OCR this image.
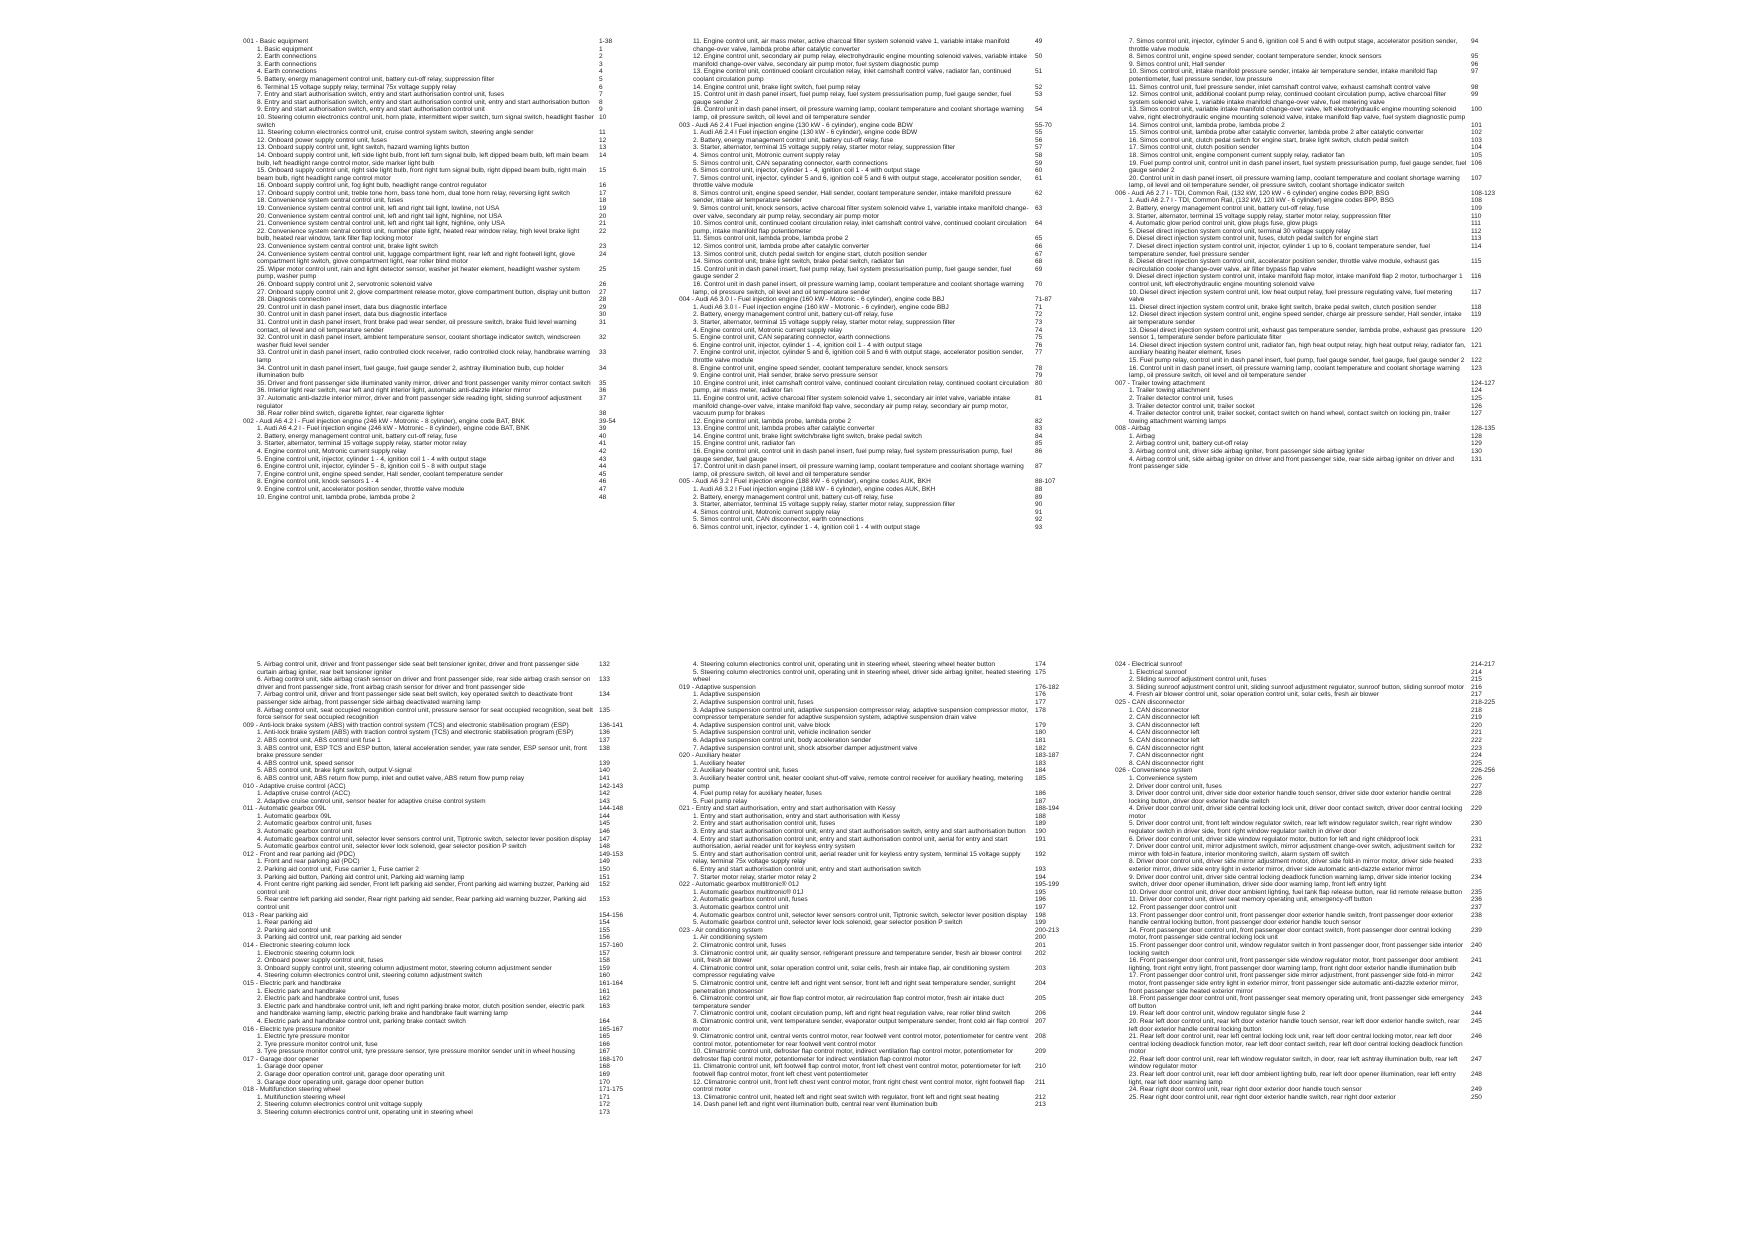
001 - Basic equipment	1-38
1. Basic equipment	1
2. Earth connections	2
3. Earth connections	3
4. Earth connections	4
5. Battery, energy management control unit, battery cut-off relay, suppression filter	5
6. Terminal 15 voltage supply relay, terminal 75x voltage supply relay	6
7. Entry and start authorisation switch, entry and start authorisation control unit, fuses	7
8. Entry and start authorisation switch, entry and start authorisation control unit, entry and start authorisation button	8
9. Entry and start authorisation switch, entry and start authorisation control unit	9
10. Steering column electronics control unit, horn plate, intermittent wiper switch, turn signal switch, headlight flasher switch
10
11. Steering column electronics control unit, cruise control system switch, steering angle sender	11
12. Onboard power supply control unit, fuses	12
13. Onboard supply control unit, light switch, hazard warning lights button	13
14. Onboard supply control unit, left side light bulb, front left turn signal bulb, left dipped beam bulb, left main beam bulb, left headlight range control motor, side marker light bulb
14
15. Onboard supply control unit, right side light bulb, front right turn signal bulb, right dipped beam bulb, right main beam bulb, right headlight range control motor
15
16. Onboard supply control unit, fog light bulb, headlight range control regulator	16
17. Onboard supply control unit, treble tone horn, bass tone horn, dual tone horn relay, reversing light switch	17
18. Convenience system central control unit, fuses	18
19. Convenience system central control unit, left and right tail light, lowline, not USA	19
20. Convenience system central control unit, left and right tail light, highline, not USA	20
21. Convenience system central control unit, left and right tail light, highline, only USA	21
22. Convenience system central control unit, number plate light, heated rear window relay, high level brake light bulb, heated rear window, tank filler flap locking motor
22
23. Convenience system central control unit, brake light switch	23
24. Convenience system central control unit, luggage compartment light, rear left and right footwell light, glove compartment light switch, glove compartment light, rear roller blind motor
24
25. Wiper motor control unit, rain and light detector sensor, washer jet heater element, headlight washer system pump, washer pump
25
26. Onboard supply control unit 2, servotronic solenoid valve	26
27. Onboard supply control unit 2, glove compartment release motor, glove compartment button, display unit button	27
28. Diagnosis connection	28
29. Control unit in dash panel insert, data bus diagnostic interface	29
30. Control unit in dash panel insert, data bus diagnostic interface	30
31. Control unit in dash panel insert, front brake pad wear sender, oil pressure switch, brake fluid level warning contact, oil level and oil temperature sender
31
32. Control unit in dash panel insert, ambient temperature sensor, coolant shortage indicator switch, windscreen washer fluid level sender
32
33. Control unit in dash panel insert, radio controlled clock receiver, radio controlled clock relay, handbrake warning lamp
33
34. Control unit in dash panel insert, fuel gauge, fuel gauge sender 2, ashtray illumination bulb, cup holder illumination bulb
34
35. Driver and front passenger side illuminated vanity mirror, driver and front passenger vanity mirror contact switch	35
36. Interior light rear switch, rear left and right interior light, automatic anti-dazzle interior mirror	36
37. Automatic anti-dazzle interior mirror, driver and front passenger side reading light, sliding sunroof adjustment regulator
37
38. Rear roller blind switch, cigarette lighter, rear cigarette lighter	38
002 - Audi A6 4.2 l - Fuel injection engine (246 kW - Motronic - 8 cylinder), engine code BAT, BNK	39-54
1. Audi A6 4.2 l - Fuel injection engine (246 kW - Motronic - 8 cylinder), engine code BAT, BNK	39
2. Battery, energy management control unit, battery cut-off relay, fuse	40
3. Starter, alternator, terminal 15 voltage supply relay, starter motor relay	41
4. Engine control unit, Motronic current supply relay	42
5. Engine control unit, injector, cylinder 1 - 4, ignition coil 1 - 4 with output stage	43
6. Engine control unit, injector, cylinder 5 - 8, ignition coil 5 - 8 with output stage	44
7. Engine control unit, engine speed sender, Hall sender, coolant temperature sender	45
8. Engine control unit, knock sensors 1 - 4	46
9. Engine control unit, accelerator position sender, throttle valve module	47
10. Engine control unit, lambda probe, lambda probe 2	48
11. Engine control unit, air mass meter, active charcoal filter system solenoid valve 1, variable intake manifold change-over valve, lambda probe after catalytic converter
49
12. Engine control unit, secondary air pump relay, electrohydraulic engine mounting solenoid valves, variable intake manifold change-over valve, secondary air pump motor, fuel system diagnostic pump
50
13. Engine control unit, continued coolant circulation relay, inlet camshaft control valve, radiator fan, continued coolant circulation pump
51
14. Engine control unit, brake light switch, fuel pump relay	52
15. Control unit in dash panel insert, fuel pump relay, fuel system pressurisation pump, fuel gauge sender, fuel gauge sender 2
53
16. Control unit in dash panel insert, oil pressure warning lamp, coolant temperature and coolant shortage warning lamp, oil pressure switch, oil level and oil temperature sender
54
003 - Audi A6 2.4 l Fuel injection engine (130 kW - 6 cylinder), engine code BDW	55-70
1. Audi A6 2.4 l Fuel injection engine (130 kW - 6 cylinder), engine code BDW	55
2. Battery, energy management control unit, battery cut-off relay, fuse	56
3. Starter, alternator, terminal 15 voltage supply relay, starter motor relay, suppression filter	57
4. Simos control unit, Motronic current supply relay	58
5. Simos control unit, CAN separating connector, earth connections	59
6. Simos control unit, injector, cylinder 1 - 4, ignition coil 1 - 4 with output stage	60
7. Simos control unit, injector, cylinder 5 and 6, ignition coil 5 and 6 with output stage, accelerator position sender, throttle valve module
61
8. Simos control unit, engine speed sender, Hall sender, coolant temperature sender, intake manifold pressure sender, intake air temperature sender
62
9. Simos control unit, knock sensors, active charcoal filter system solenoid valve 1, variable intake manifold change-over valve, secondary air pump relay, secondary air pump motor
63
10. Simos control unit, continued coolant circulation relay, inlet camshaft control valve, continued coolant circulation pump, intake manifold flap potentiometer
64
11. Simos control unit, lambda probe, lambda probe 2	65
12. Simos control unit, lambda probe after catalytic converter	66
13. Simos control unit, clutch pedal switch for engine start, clutch position sender	67
14. Simos control unit, brake light switch, brake pedal switch, radiator fan	68
15. Control unit in dash panel insert, fuel pump relay, fuel system pressurisation pump, fuel gauge sender, fuel gauge sender 2
69
16. Control unit in dash panel insert, oil pressure warning lamp, coolant temperature and coolant shortage warning lamp, oil pressure switch, oil level and oil temperature sender
70
004 - Audi A6 3.0 l - Fuel injection engine (160 kW - Motronic - 6 cylinder), engine code BBJ	71-87
1. Audi A6 3.0 l - Fuel injection engine (160 kW - Motronic - 6 cylinder), engine code BBJ	71
2. Battery, energy management control unit, battery cut-off relay, fuse	72
3. Starter, alternator, terminal 15 voltage supply relay, starter motor relay, suppression filter	73
4. Engine control unit, Motronic current supply relay	74
5. Engine control unit, CAN separating connector, earth connections	75
6. Engine control unit, injector, cylinder 1 - 4, ignition coil 1 - 4 with output stage	76
7. Engine control unit, injector, cylinder 5 and 6, ignition coil 5 and 6 with output stage, accelerator position sender, throttle valve module
77
8. Engine control unit, engine speed sender, coolant temperature sender, knock sensors	78
9. Engine control unit, Hall sender, brake servo pressure sensor	79
10. Engine control unit, inlet camshaft control valve, continued coolant circulation relay, continued coolant circulation pump, air mass meter, radiator fan
80
11. Engine control unit, active charcoal filter system solenoid valve 1, secondary air inlet valve, variable intake manifold change-over valve, intake manifold flap valve, secondary air pump relay, secondary air pump motor, vacuum pump for brakes
81
12. Engine control unit, lambda probe, lambda probe 2	82
13. Engine control unit, lambda probes after catalytic converter	83
14. Engine control unit, brake light switch/brake light switch, brake pedal switch	84
15. Engine control unit, radiator fan	85
16. Engine control unit, control unit in dash panel insert, fuel pump relay, fuel system pressurisation pump, fuel gauge sender, fuel gauge
86
17. Control unit in dash panel insert, oil pressure warning lamp, coolant temperature and coolant shortage warning lamp, oil pressure switch, oil level and oil temperature sender
87
005 - Audi A6 3.2 l Fuel injection engine (188 kW - 6 cylinder), engine codes AUK, BKH	88-107
1. Audi A6 3.2 l Fuel injection engine (188 kW - 6 cylinder), engine codes AUK, BKH	88
2. Battery, energy management control unit, battery cut-off relay, fuse	89
3. Starter, alternator, terminal 15 voltage supply relay, starter motor relay, suppression filter	90
4. Simos control unit, Motronic current supply relay	91
5. Simos control unit, CAN disconnector, earth connections	92
6. Simos control unit, injector, cylinder 1 - 4, ignition coil 1 - 4 with output stage	93
7. Simos control unit, injector, cylinder 5 and 6, ignition coil 5 and 6 with output stage, accelerator position sender, throttle valve module
94
8. Simos control unit, engine speed sender, coolant temperature sender, knock sensors	95
9. Simos control unit, Hall sender	96
10. Simos control unit, intake manifold pressure sender, intake air temperature sender, intake manifold flap potentiometer, fuel pressure sender, low pressure
97
11. Simos control unit, fuel pressure sender, inlet camshaft control valve, exhaust camshaft control valve	98
12. Simos control unit, additional coolant pump relay, continued coolant circulation pump, active charcoal filter system solenoid valve 1, variable intake manifold change-over valve, fuel metering valve
99
13. Simos control unit, variable intake manifold change-over valve, left electrohydraulic engine mounting solenoid valve, right electrohydraulic engine mounting solenoid valve, intake manifold flap valve, fuel system diagnostic pump
100
14. Simos control unit, lambda probe, lambda probe 2	101
15. Simos control unit, lambda probe after catalytic converter, lambda probe 2 after catalytic converter	102
16. Simos control unit, clutch pedal switch for engine start, brake light switch, clutch pedal switch	103
17. Simos control unit, clutch position sender	104
18. Simos control unit, engine component current supply relay, radiator fan	105
19. Fuel pump control unit, control unit in dash panel insert, fuel system pressurisation pump, fuel gauge sender, fuel gauge sender 2
106
20. Control unit in dash panel insert, oil pressure warning lamp, coolant temperature and coolant shortage warning lamp, oil level and oil temperature sender, oil pressure switch, coolant shortage indicator switch
107
006 - Audi A6 2.7 l - TDI, Common Rail, (132 kW, 120 kW - 6 cylinder) engine codes BPP, BSG	108-123
1. Audi A6 2.7 l - TDI, Common Rail, (132 kW, 120 kW - 6 cylinder) engine codes BPP, BSG	108
2. Battery, energy management control unit, battery cut-off relay, fuse	109
3. Starter, alternator, terminal 15 voltage supply relay, starter motor relay, suppression filter	110
4. Automatic glow period control unit, glow plugs fuse, glow plugs	111
5. Diesel direct injection system control unit, terminal 30 voltage supply relay	112
6. Diesel direct injection system control unit, fuses, clutch pedal switch for engine start	113
7. Diesel direct injection system control unit, injector, cylinder 1 up to 6, coolant temperature sender, fuel temperature sender, fuel pressure sender
114
8. Diesel direct injection system control unit, accelerator position sender, throttle valve module, exhaust gas recirculation cooler change-over valve, air filter bypass flap valve
115
9. Diesel direct injection system control unit, intake manifold flap motor, intake manifold flap 2 motor, turbocharger 1 control unit, left electrohydraulic engine mounting solenoid valve
116
10. Diesel direct injection system control unit, low heat output relay, fuel pressure regulating valve, fuel metering valve
117
11. Diesel direct injection system control unit, brake light switch, brake pedal switch, clutch position sender	118
12. Diesel direct injection system control unit, engine speed sender, charge air pressure sender, Hall sender, intake air temperature sender
119
13. Diesel direct injection system control unit, exhaust gas temperature sender, lambda probe, exhaust gas pressure sensor 1, temperature sender before particulate filter
120
14. Diesel direct injection system control unit, radiator fan, high heat output relay, high heat output relay, radiator fan, auxiliary heating heater element, fuses
121
15. Fuel pump relay, control unit in dash panel insert, fuel pump, fuel gauge sender, fuel gauge, fuel gauge sender 2 122
16. Control unit in dash panel insert, oil pressure warning lamp, coolant temperature and coolant shortage warning lamp, oil pressure switch, oil level and oil temperature sender
123
007 - Trailer towing attachment	124-127
1. Trailer towing attachment	124
2. Trailer detector control unit, fuses	125
3. Trailer detector control unit, trailer socket	126
4. Trailer detector control unit, trailer socket, contact switch on hand wheel, contact switch on locking pin, trailer towing attachment warning lamps
127
008 - Airbag	128-135
1. Airbag	128
2. Airbag control unit, battery cut-off relay	129
3. Airbag control unit, driver side airbag igniter, front passenger side airbag igniter	130
4. Airbag control unit, side airbag igniter on driver and front passenger side, rear side airbag igniter on driver and front passenger side
131
5. Airbag control unit, driver and front passenger side seat belt tensioner igniter, driver and front passenger side curtain airbag igniter, rear belt tensioner igniter
132
6. Airbag control unit, side airbag crash sensor on driver and front passenger side, rear side airbag crash sensor on driver and front passenger side, front airbag crash sensor for driver and front passenger side
133
7. Airbag control unit, driver and front passenger side seat belt switch, key operated switch to deactivate front passenger side airbag, front passenger side airbag deactivated warning lamp
134
8. Airbag control unit, seat occupied recognition control unit, pressure sensor for seat occupied recognition, seat belt force sensor for seat occupied recognition
135
009 - Anti-lock brake system (ABS) with traction control system (TCS) and electronic stabilisation program (ESP)	136-141
1. Anti-lock brake system (ABS) with traction control system (TCS) and electronic stabilisation program (ESP)	136
2. ABS control unit, ABS control unit fuse 1	137
3. ABS control unit, ESP TCS and ESP button, lateral acceleration sender, yaw rate sender, ESP sensor unit, front brake pressure sender
138
4. ABS control unit, speed sensor	139
5. ABS control unit, brake light switch, output V-signal	140
6. ABS control unit, ABS return flow pump, inlet and outlet valve, ABS return flow pump relay	141
010 - Adaptive cruise control (ACC)	142-143
1. Adaptive cruise control (ACC)	142
2. Adaptive cruise control unit, sensor heater for adaptive cruise control system	143
011 - Automatic gearbox 09L	144-148
1. Automatic gearbox 09L	144
2. Automatic gearbox control unit, fuses	145
3. Automatic gearbox control unit	146
4. Automatic gearbox control unit, selector lever sensors control unit, Tiptronic switch, selector lever position display	147
5. Automatic gearbox control unit, selector lever lock solenoid, gear selector position P switch	148
012 - Front and rear parking aid (PDC)	149-153
1. Front and rear parking aid (PDC)	149
2. Parking aid control unit, Fuse carrier 1, Fuse carrier 2	150
3. Parking aid button, Parking aid control unit, Parking aid warning lamp	151
4. Front centre right parking aid sender, Front left parking aid sender, Front parking aid warning buzzer, Parking aid control unit
152
5. Rear centre left parking aid sender, Rear right parking aid sender, Rear parking aid warning buzzer, Parking aid control unit
153
013 - Rear parking aid	154-156
1. Rear parking aid	154
2. Parking aid control unit	155
3. Parking aid control unit, rear parking aid sender	156
014 - Electronic steering column lock	157-160
1. Electronic steering column lock	157
2. Onboard power supply control unit, fuses	158
3. Onboard supply control unit, steering column adjustment motor, steering column adjustment sender	159
4. Steering column electronics control unit, steering column adjustment switch	160
015 - Electric park and handbrake	161-164
1. Electric park and handbrake	161
2. Electric park and handbrake control unit, fuses	162
3. Electric park and handbrake control unit, left and right parking brake motor, clutch position sender, electric park and handbrake warning lamp, electric parking brake and handbrake fault warning lamp
163
4. Electric park and handbrake control unit, parking brake contact switch	164
016 - Electric tyre pressure monitor	165-167
1. Electric tyre pressure monitor	165
2. Tyre pressure monitor control unit, fuse	166
3. Tyre pressure monitor control unit, tyre pressure sensor, tyre pressure monitor sender unit in wheel housing	167
017 - Garage door opener	168-170
1. Garage door opener	168
2. Garage door operation control unit, garage door operating unit	169
3. Garage door operating unit, garage door opener button	170
018 - Multifunction steering wheel	171-175
1. Multifunction steering wheel	171
2. Steering column electronics control unit voltage supply	172
3. Steering column electronics control unit, operating unit in steering wheel	173
4. Steering column electronics control unit, operating unit in steering wheel, steering wheel heater button	174
5. Steering column electronics control unit, operating unit in steering wheel, driver side airbag igniter, heated steering wheel
175
019 - Adaptive suspension	176-182
1. Adaptive suspension	176
2. Adaptive suspension control unit, fuses	177
3. Adaptive suspension control unit, adaptive suspension compressor relay, adaptive suspension compressor motor, compressor temperature sender for adaptive suspension system, adaptive suspension drain valve
178
4. Adaptive suspension control unit, valve block	179
5. Adaptive suspension control unit, vehicle inclination sender	180
6. Adaptive suspension control unit, body acceleration sender	181
7. Adaptive suspension control unit, shock absorber damper adjustment valve	182
020 - Auxiliary heater	183-187
1. Auxiliary heater	183
2. Auxiliary heater control unit, fuses	184
3. Auxiliary heater control unit, heater coolant shut-off valve, remote control receiver for auxiliary heating, metering pump
185
4. Fuel pump relay for auxiliary heater, fuses	186
5. Fuel pump relay	187
021 - Entry and start authorisation, entry and start authorisation with Kessy	188-194
1. Entry and start authorisation, entry and start authorisation with Kessy	188
2. Entry and start authorisation control unit, fuses	189
3. Entry and start authorisation control unit, entry and start authorisation switch, entry and start authorisation button	190
4. Entry and start authorisation control unit, entry and start authorisation control unit, aerial for entry and start authorisation, aerial reader unit for keyless entry system
191
5. Entry and start authorisation control unit, aerial reader unit for keyless entry system, terminal 15 voltage supply relay, terminal 75x voltage supply relay
192
6. Entry and start authorisation control unit, entry and start authorisation switch	193
7. Starter motor relay, starter motor relay 2	194
022 - Automatic gearbox multitronic® 01J	195-199
1. Automatic gearbox multitronic® 01J	195
2. Automatic gearbox control unit, fuses	196
3. Automatic gearbox control unit	197
4. Automatic gearbox control unit, selector lever sensors control unit, Tiptronic switch, selector lever position display	198
5. Automatic gearbox control unit, selector lever lock solenoid, gear selector position P switch	199
023 - Air conditioning system	200-213
1. Air conditioning system	200
2. Climatronic control unit, fuses	201
3. Climatronic control unit, air quality sensor, refrigerant pressure and temperature sender, fresh air blower control unit, fresh air blower
202
4. Climatronic control unit, solar operation control unit, solar cells, fresh air intake flap, air conditioning system compressor regulating valve
203
5. Climatronic control unit, centre left and right vent sensor, front left and right seat temperature sender, sunlight penetration photosensor
204
6. Climatronic control unit, air flow flap control motor, air recirculation flap control motor, fresh air intake duct temperature sender
205
7. Climatronic control unit, coolant circulation pump, left and right heat regulation valve, rear roller blind switch	206
8. Climatronic control unit, vent temperature sender, evaporator output temperature sender, front cold air flap control motor
207
9. Climatronic control unit, central vents control motor, rear footwell vent control motor, potentiometer for centre vent control motor, potentiometer for rear footwell vent control motor
208
10. Climatronic control unit, defroster flap control motor, indirect ventilation flap control motor, potentiometer for defroster flap control motor, potentiometer for indirect ventilation flap control motor
209
11. Climatronic control unit, left footwell flap control motor, front left chest vent control motor, potentiometer for left footwell flap control motor, front left chest vent potentiometer
210
12. Climatronic control unit, front left chest vent control motor, front right chest vent control motor, right footwell flap control motor
211
13. Climatronic control unit, heated left and right seat switch with regulator, front left and right seat heating	212
14. Dash panel left and right vent illumination bulb, central rear vent illumination bulb	213
024 - Electrical sunroof	214-217
1. Electrical sunroof	214
2. Sliding sunroof adjustment control unit, fuses	215
3. Sliding sunroof adjustment control unit, sliding sunroof adjustment regulator, sunroof button, sliding sunroof motor	216
4. Fresh air blower control unit, solar operation control unit, solar cells, fresh air blower	217
025 - CAN disconnector	218-225
1. CAN disconnector	218
2. CAN disconnector left	219
3. CAN disconnector left	220
4. CAN disconnector left	221
5. CAN disconnector left	222
6. CAN disconnector right	223
7. CAN disconnector right	224
8. CAN disconnector right	225
026 - Convenience system	226-256
1. Convenience system	226
2. Driver door control unit, fuses	227
3. Driver door control unit, driver side door exterior handle touch sensor, driver side door exterior handle central locking button, driver door exterior handle switch
228
4. Driver door control unit, driver side central locking lock unit, driver door contact switch, driver door central locking motor
229
5. Driver door control unit, front left window regulator switch, rear left window regulator switch, rear right window regulator switch in driver side, front right window regulator switch in driver door
230
6. Driver door control unit, driver side window regulator motor, button for left and right childproof lock	231
7. Driver door control unit, mirror adjustment switch, mirror adjustment change-over switch, adjustment switch for mirror with fold-in feature, interior monitoring switch, alarm system off switch
232
8. Driver door control unit, driver side mirror adjustment motor, driver side fold-in mirror motor, driver side heated exterior mirror, driver side entry light in exterior mirror, driver side automatic anti-dazzle exterior mirror
233
9. Driver door control unit, driver side central locking deadlock function warning lamp, driver side interior locking switch, driver door opener illumination, driver side door warning lamp, front left entry light
234
10. Driver door control unit, driver door ambient lighting, fuel tank flap release button, rear lid remote release button	235
11. Driver door control unit, driver seat memory operating unit, emergency-off button	236
12. Front passenger door control unit	237
13. Front passenger door control unit, front passenger door exterior handle switch, front passenger door exterior handle central locking button, front passenger door exterior handle touch sensor
238
14. Front passenger door control unit, front passenger door contact switch, front passenger door central locking motor, front passenger side central locking lock unit
239
15. Front passenger door control unit, window regulator switch in front passenger door, front passenger side interior locking switch
240
16. Front passenger door control unit, front passenger side window regulator motor, front passenger door ambient lighting, front right entry light, front passenger door warning lamp, front right door exterior handle illumination bulb
241
17. Front passenger door control unit, front passenger side mirror adjustment, front passenger side fold-in mirror motor, front passenger side entry light in exterior mirror, front passenger side automatic anti-dazzle exterior mirror, front passenger side heated exterior mirror
242
18. Front passenger door control unit, front passenger seat memory operating unit, front passenger side emergency off button
243
19. Rear left door control unit, window regulator single fuse 2	244
20. Rear left door control unit, rear left door exterior handle touch sensor, rear left door exterior handle switch, rear left door exterior handle central locking button
245
21. Rear left door control unit, rear left central locking lock unit, rear left door central locking motor, rear left door central locking deadlock function motor, rear left door contact switch, rear left door central locking deadlock function motor
246
22. Rear left door control unit, rear left window regulator switch, in door, rear left ashtray illumination bulb, rear left window regulator motor
247
23. Rear left door control unit, rear left door ambient lighting bulb, rear left door opener illumination, rear left entry light, rear left door warning lamp
248
24. Rear right door control unit, rear right door exterior door handle touch sensor	249
25. Rear right door control unit, rear right door exterior handle switch, rear right door exterior	250
